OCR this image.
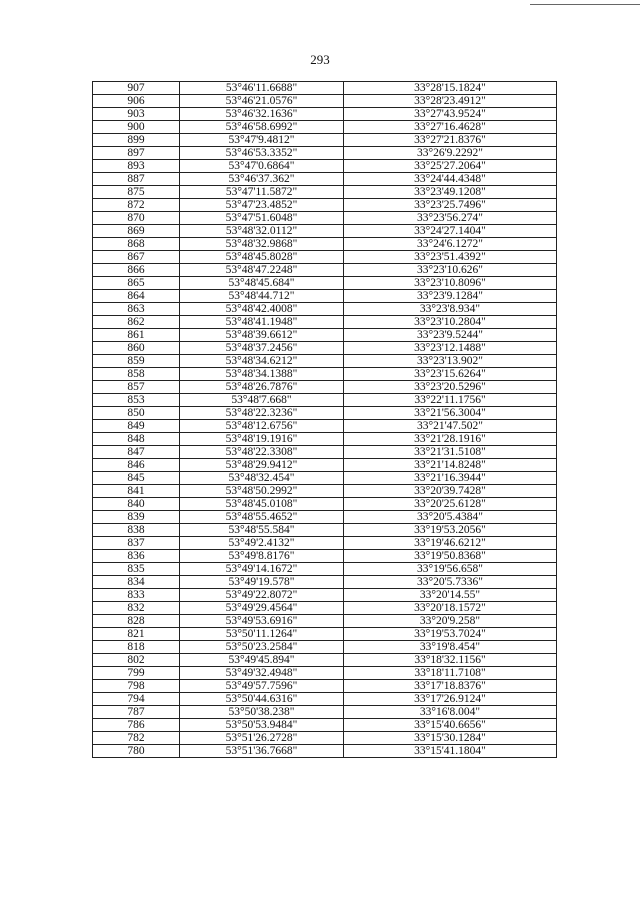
293
907	53°46'11.6688"	33°28'15.1824"
906	53°46'21.0576"	33°28'23.4912"
903	53°46'32.1636"	33°27'43.9524"
900	53°46'58.6992"	33°27'16.4628"
899	53°47'9.4812"	33°27'21.8376"
897	53°46'53.3352"	33°26'9.2292"
893	53°47'0.6864"	33°25'27.2064"
887	53°46'37.362"	33°24'44.4348"
875	53°47'11.5872"	33°23'49.1208"
872	53°47'23.4852"	33°23'25.7496"
870	53°47'51.6048"	33°23'56.274"
869	53°48'32.0112"	33°24'27.1404"
868	53°48'32.9868"	33°24'6.1272"
867	53°48'45.8028"	33°23'51.4392"
866	53°48'47.2248"	33°23'10.626"
865	53°48'45.684"	33°23'10.8096"
864	53°48'44.712"	33°23'9.1284"
863	53°48'42.4008"	33°23'8.934"
862	53°48'41.1948"	33°23'10.2804"
861	53°48'39.6612"	33°23'9.5244"
860	53°48'37.2456"	33°23'12.1488"
859	53°48'34.6212"	33°23'13.902"
858	53°48'34.1388"	33°23'15.6264"
857	53°48'26.7876"	33°23'20.5296"
853	53°48'7.668"	33°22'11.1756"
850	53°48'22.3236"	33°21'56.3004"
849	53°48'12.6756"	33°21'47.502"
848	53°48'19.1916"	33°21'28.1916"
847	53°48'22.3308"	33°21'31.5108"
846	53°48'29.9412"	33°21'14.8248"
845	53°48'32.454"	33°21'16.3944"
841	53°48'50.2992"	33°20'39.7428"
840	53°48'45.0108"	33°20'25.6128"
839	53°48'55.4652"	33°20'5.4384"
838	53°48'55.584"	33°19'53.2056"
837	53°49'2.4132"	33°19'46.6212"
836	53°49'8.8176"	33°19'50.8368"
835	53°49'14.1672"	33°19'56.658"
834	53°49'19.578"	33°20'5.7336"
833	53°49'22.8072"	33°20'14.55"
832	53°49'29.4564"	33°20'18.1572"
828	53°49'53.6916"	33°20'9.258"
821	53°50'11.1264"	33°19'53.7024"
818	53°50'23.2584"	33°19'8.454"
802	53°49'45.894"	33°18'32.1156"
799	53°49'32.4948"	33°18'11.7108"
798	53°49'57.7596"	33°17'18.8376"
794	53°50'44.6316"	33°17'26.9124"
787	53°50'38.238"	33°16'8.004"
786	53°50'53.9484"	33°15'40.6656"
782	53°51'26.2728"	33°15'30.1284"
780	53°51'36.7668"	33°15'41.1804"
